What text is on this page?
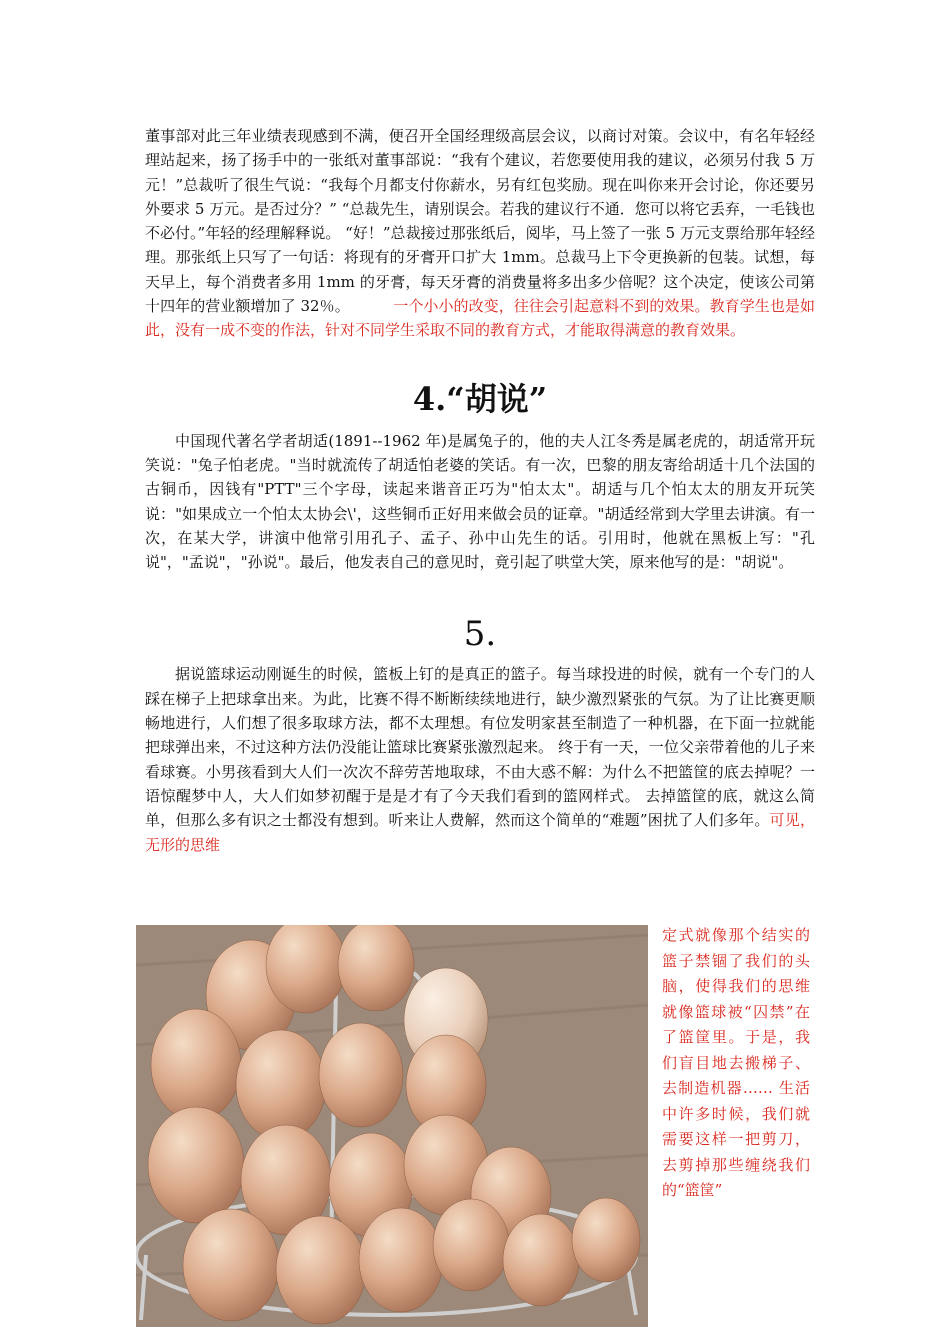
董事部对此三年业绩表现感到不满，便召开全国经理级高层会议，以商讨对策。会议中，有名年轻经理站起来，扬了扬手中的一张纸对董事部说：“我有个建议，若您要使用我的建议，必须另付我 5 万元！”总裁听了很生气说：“我每个月都支付你薪水，另有红包奖励。现在叫你来开会讨论，你还要另外要求 5 万元。是否过分？” “总裁先生，请别误会。若我的建议行不通．您可以将它丢弃，一毛钱也不必付。”年轻的经理解释说。 “好！”总裁接过那张纸后，阅毕，马上签了一张 5 万元支票给那年轻经理。那张纸上只写了一句话：将现有的牙膏开口扩大 1mm。总裁马上下令更换新的包装。试想，每天早上，每个消费者多用 1mm 的牙膏，每天牙膏的消费量将多出多少倍呢？这个决定，使该公司第十四年的营业额增加了 32％。	一个小小的改变，往往会引起意料不到的效果。教育学生也是如此，没有一成不变的作法，针对不同学生采取不同的教育方式，才能取得满意的教育效果。

4.“胡说”

中国现代著名学者胡适(1891--1962 年)是属兔子的，他的夫人江冬秀是属老虎的，胡适常开玩笑说："兔子怕老虎。"当时就流传了胡适怕老婆的笑话。有一次，巴黎的朋友寄给胡适十几个法国的古铜币，因钱有"PTT"三个字母，读起来谐音正巧为"怕太太"。胡适与几个怕太太的朋友开玩笑说："如果成立一个怕太太协会\'，这些铜币正好用来做会员的证章。"胡适经常到大学里去讲演。有一次，在某大学，讲演中他常引用孔子、孟子、孙中山先生的话。引用时，他就在黑板上写："孔说"，"孟说"，"孙说"。最后，他发表自己的意见时，竟引起了哄堂大笑，原来他写的是："胡说"。

5.

据说篮球运动刚诞生的时候，篮板上钉的是真正的篮子。每当球投进的时候，就有一个专门的人踩在梯子上把球拿出来。为此，比赛不得不断断续续地进行，缺少激烈紧张的气氛。为了让比赛更顺畅地进行，人们想了很多取球方法，都不太理想。有位发明家甚至制造了一种机器，在下面一拉就能把球弹出来，不过这种方法仍没能让篮球比赛紧张激烈起来。 终于有一天，一位父亲带着他的儿子来看球赛。小男孩看到大人们一次次不辞劳苦地取球，不由大惑不解：为什么不把篮筐的底去掉呢？一语惊醒梦中人，大人们如梦初醒于是是才有了今天我们看到的篮网样式。 去掉篮筐的底，就这么简单，但那么多有识之士都没有想到。听来让人费解，然而这个简单的“难题”困扰了人们多年。可见，无形的思维

定式就像那个结实的篮子禁锢了我们的头脑，使得我们的思维就像篮球被“囚禁”在了篮筐里。于是，我们盲目地去搬梯子、去制造机器…… 生活中许多时候，我们就需要这样一把剪刀，去剪掉那些缠绕我们的“篮筐”
